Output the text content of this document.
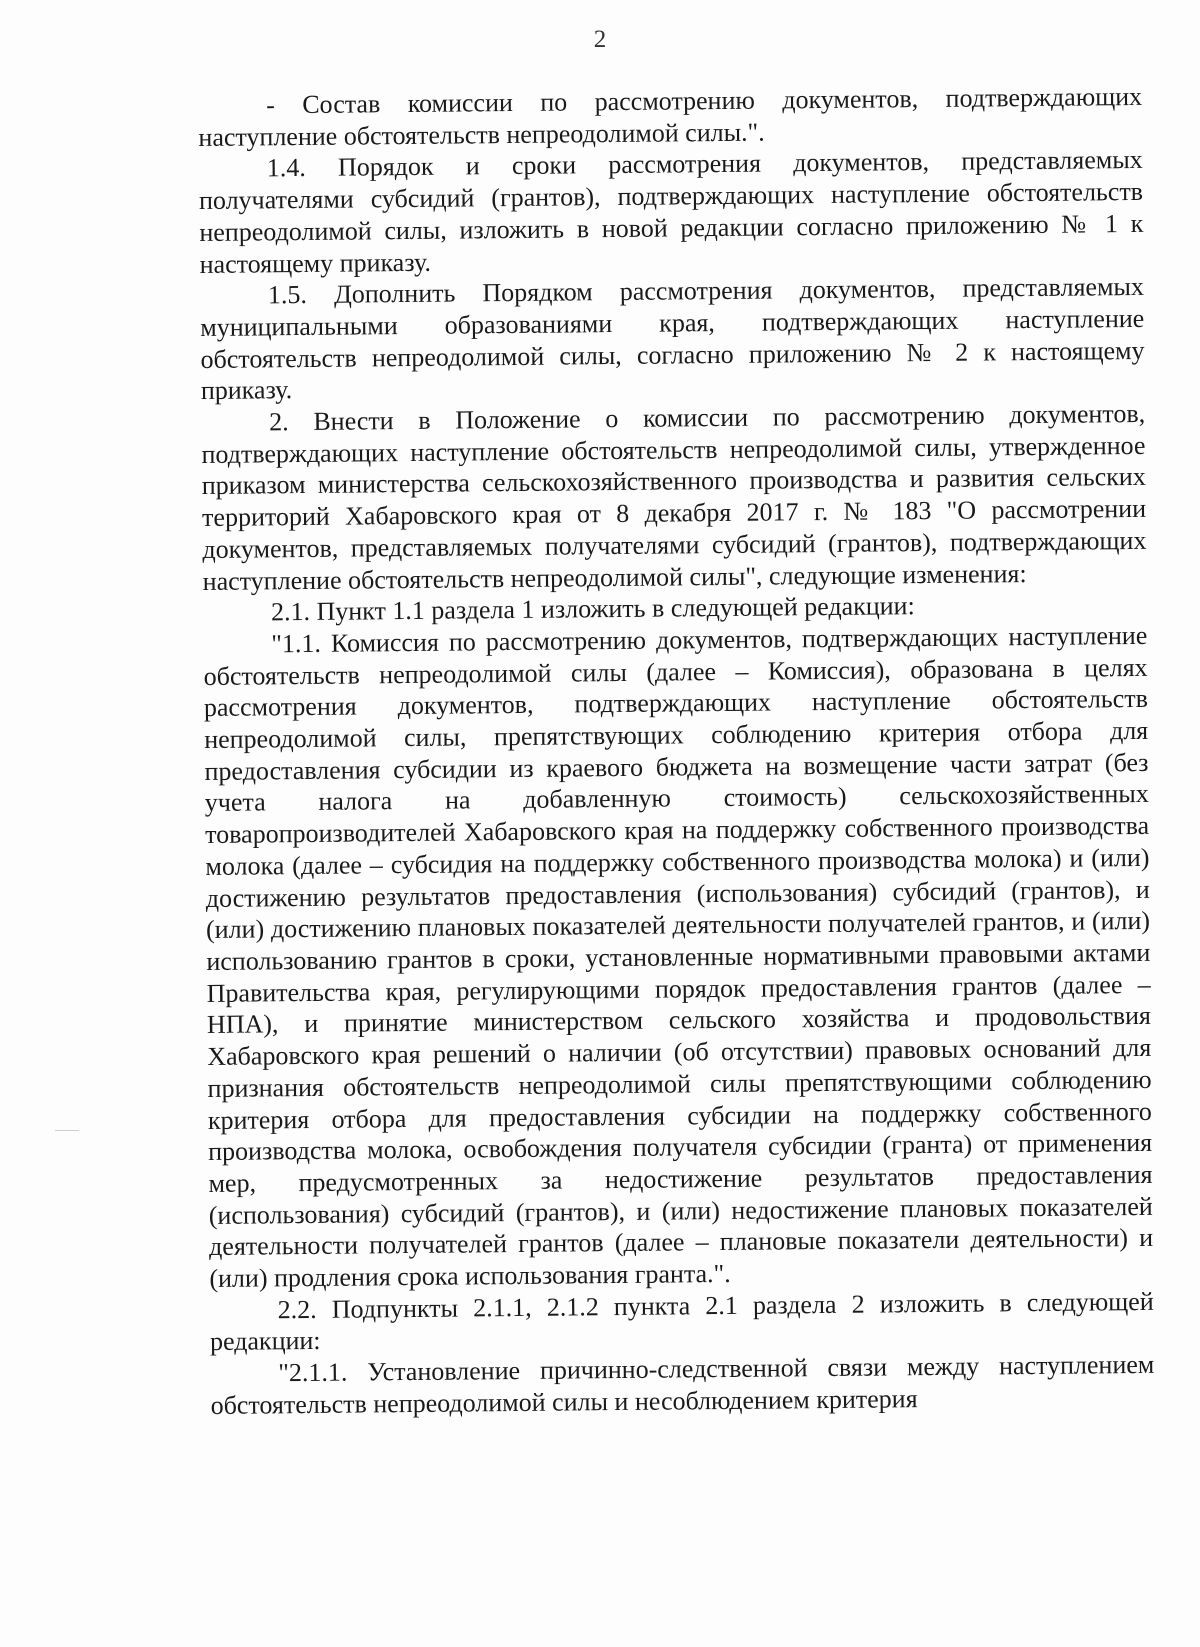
2

- Состав комиссии по рассмотрению документов, подтверждающих наступление обстоятельств непреодолимой силы.".

1.4. Порядок и сроки рассмотрения документов, представляемых получателями субсидий (грантов), подтверждающих наступление обстоятельств непреодолимой силы, изложить в новой редакции согласно приложению № 1 к настоящему приказу.

1.5. Дополнить Порядком рассмотрения документов, представляемых муниципальными образованиями края, подтверждающих наступление обстоятельств непреодолимой силы, согласно приложению № 2 к настоящему приказу.

2. Внести в Положение о комиссии по рассмотрению документов, подтверждающих наступление обстоятельств непреодолимой силы, утвержденное приказом министерства сельскохозяйственного производства и развития сельских территорий Хабаровского края от 8 декабря 2017 г. № 183 "О рассмотрении документов, представляемых получателями субсидий (грантов), подтверждающих наступление обстоятельств непреодолимой силы", следующие изменения:

2.1. Пункт 1.1 раздела 1 изложить в следующей редакции:

"1.1. Комиссия по рассмотрению документов, подтверждающих наступление обстоятельств непреодолимой силы (далее – Комиссия), образована в целях рассмотрения документов, подтверждающих наступление обстоятельств непреодолимой силы, препятствующих соблюдению критерия отбора для предоставления субсидии из краевого бюджета на возмещение части затрат (без учета налога на добавленную стоимость) сельскохозяйственных товаропроизводителей Хабаровского края на поддержку собственного производства молока (далее – субсидия на поддержку собственного производства молока) и (или) достижению результатов предоставления (использования) субсидий (грантов), и (или) достижению плановых показателей деятельности получателей грантов, и (или) использованию грантов в сроки, установленные нормативными правовыми актами Правительства края, регулирующими порядок предоставления грантов (далее – НПА), и принятие министерством сельского хозяйства и продовольствия Хабаровского края решений о наличии (об отсутствии) правовых оснований для признания обстоятельств непреодолимой силы препятствующими соблюдению критерия отбора для предоставления субсидии на поддержку собственного производства молока, освобождения получателя субсидии (гранта) от применения мер, предусмотренных за недостижение результатов предоставления (использования) субсидий (грантов), и (или) недостижение плановых показателей деятельности получателей грантов (далее – плановые показатели деятельности) и (или) продления срока использования гранта.".

2.2. Подпункты 2.1.1, 2.1.2 пункта 2.1 раздела 2 изложить в следующей редакции:

"2.1.1. Установление причинно-следственной связи между наступлением обстоятельств непреодолимой силы и несоблюдением критерия
